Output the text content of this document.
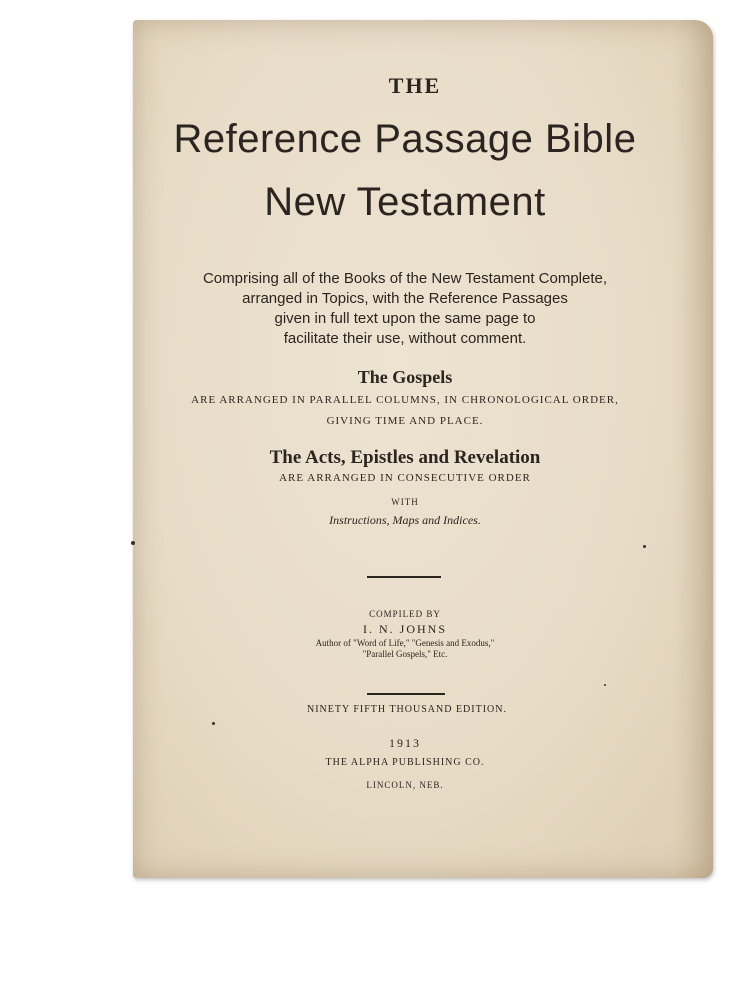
THE
Reference Passage Bible
New Testament
Comprising all of the Books of the New Testament Complete,
arranged in Topics, with the Reference Passages
given in full text upon the same page to
facilitate their use, without comment.
The Gospels
ARE ARRANGED IN PARALLEL COLUMNS, IN CHRONOLOGICAL ORDER,
GIVING TIME AND PLACE.
The Acts, Epistles and Revelation
ARE ARRANGED IN CONSECUTIVE ORDER
WITH
Instructions, Maps and Indices.
COMPILED BY
I. N. JOHNS
Author of "Word of Life," "Genesis and Exodus,"
"Parallel Gospels," Etc.
NINETY FIFTH THOUSAND EDITION.
1913
THE ALPHA PUBLISHING CO.
LINCOLN, NEB.
